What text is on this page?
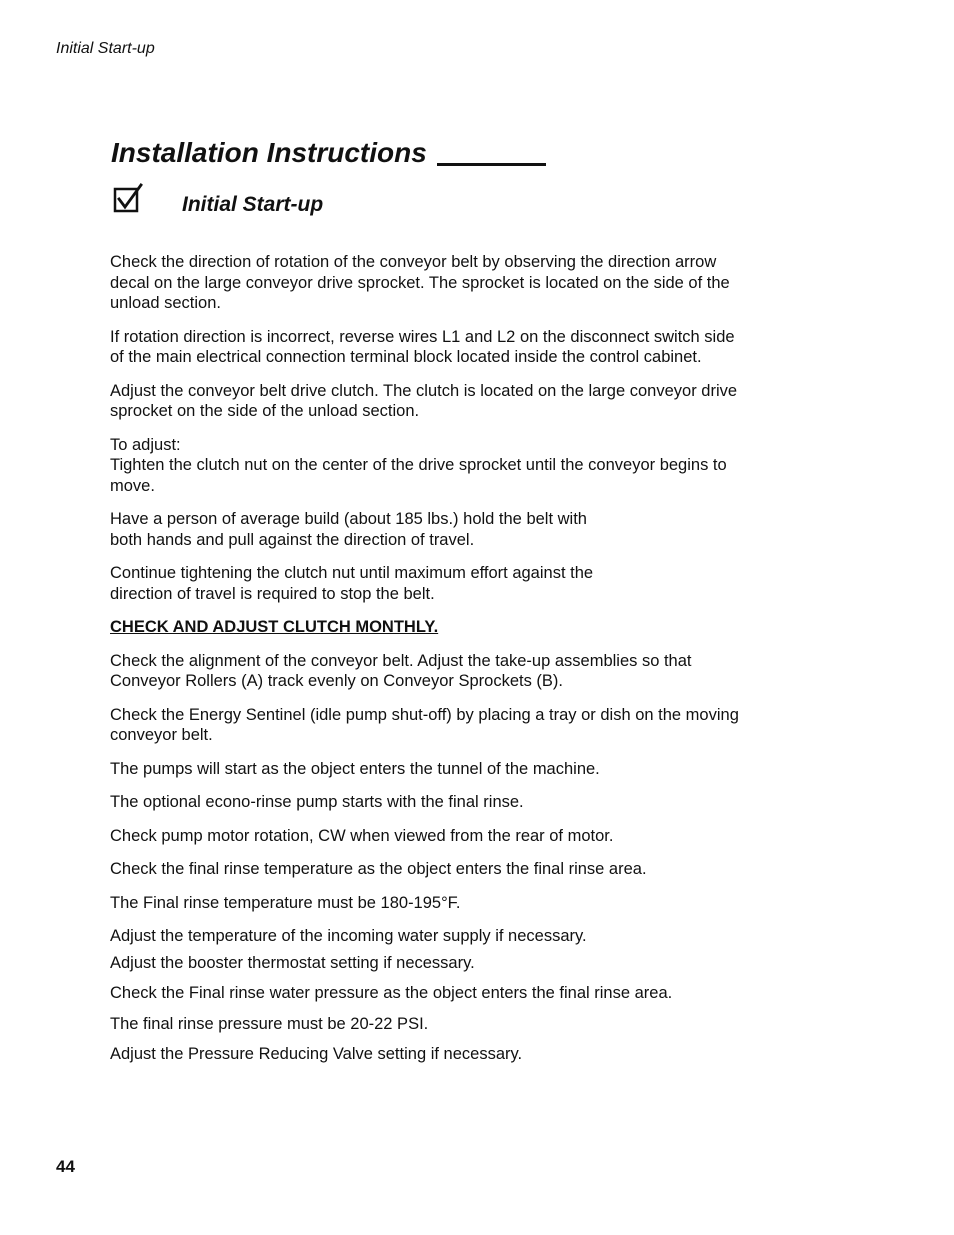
Initial Start-up

Installation Instructions
Initial Start-up

Check the direction of rotation of the conveyor belt by observing the direction arrow decal on the large conveyor drive sprocket. The sprocket is located on the side of the unload section.

If rotation direction is incorrect, reverse wires L1 and L2 on the disconnect switch side of the main electrical connection terminal block located inside the control cabinet.

Adjust the conveyor belt drive clutch. The clutch is located on the large conveyor drive sprocket on the side of the unload section.

To adjust:

Tighten the clutch nut on the center of the drive sprocket until the conveyor begins to move.

Have a person of average build (about 185 lbs.) hold the belt with

both hands and pull against the direction of travel.

Continue tightening the clutch nut until maximum effort against the

direction of travel is required to stop the belt.

CHECK AND ADJUST CLUTCH MONTHLY.

Check the alignment of the conveyor belt. Adjust the take-up assemblies so that Conveyor Rollers (A) track evenly on Conveyor Sprockets (B).

Check the Energy Sentinel (idle pump shut-off) by placing a tray or dish on the moving conveyor belt.

The pumps will start as the object enters the tunnel of the machine.

The optional econo-rinse pump starts with the final rinse.

Check pump motor rotation, CW when viewed from the rear of motor.

Check the final rinse temperature as the object enters the final rinse area.

The Final rinse temperature must be 180-195°F.

Adjust the temperature of the incoming water supply if necessary.

Adjust the booster thermostat setting if necessary.

Check the Final rinse water pressure as the object enters the final rinse area.

The final rinse pressure must be 20-22 PSI.

Adjust the Pressure Reducing Valve setting if necessary.

44
